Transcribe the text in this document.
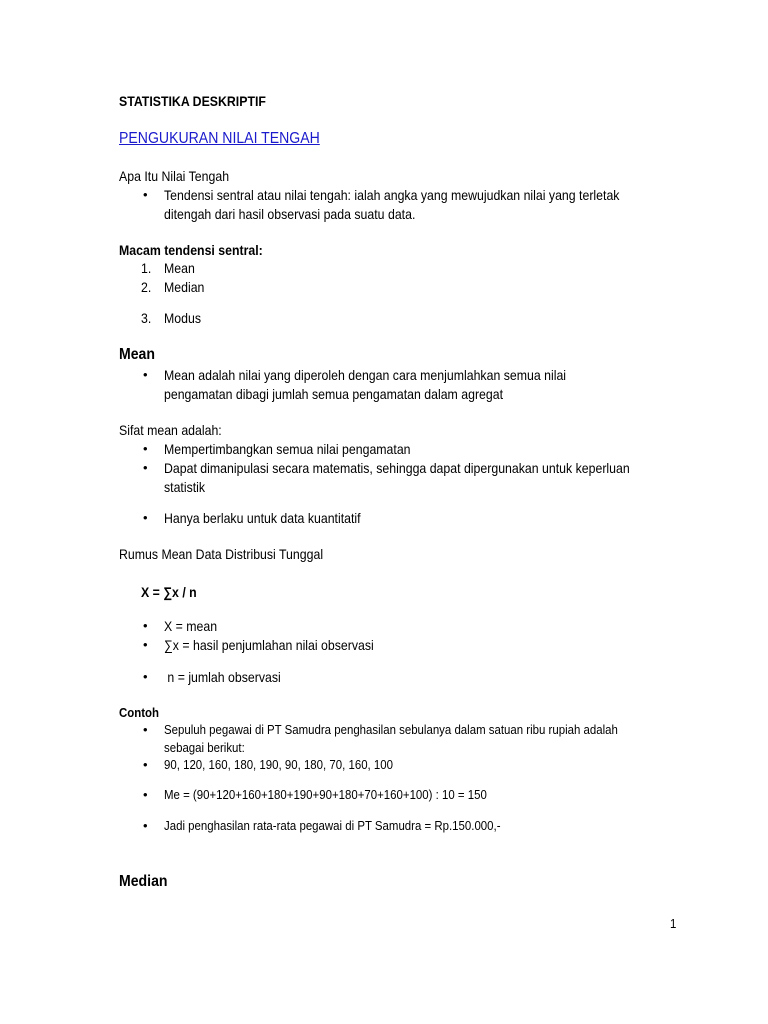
STATISTIKA DESKRIPTIF
PENGUKURAN NILAI TENGAH
Apa Itu Nilai Tengah
• Tendensi sentral atau nilai tengah: ialah angka yang mewujudkan nilai yang terletak
ditengah dari hasil observasi pada suatu data.
Macam tendensi sentral:
1. Mean
2. Median
3. Modus
Mean
• Mean adalah nilai yang diperoleh dengan cara menjumlahkan semua nilai
pengamatan dibagi jumlah semua pengamatan dalam agregat
Sifat mean adalah:
• Mempertimbangkan semua nilai pengamatan
• Dapat dimanipulasi secara matematis, sehingga dapat dipergunakan untuk keperluan
statistik
• Hanya berlaku untuk data kuantitatif
Rumus Mean Data Distribusi Tunggal
X = ∑x / n
• X = mean
• ∑x = hasil penjumlahan nilai observasi
• n = jumlah observasi
Contoh
• Sepuluh pegawai di PT Samudra penghasilan sebulanya dalam satuan ribu rupiah adalah
sebagai berikut:
• 90, 120, 160, 180, 190, 90, 180, 70, 160, 100
• Me = (90+120+160+180+190+90+180+70+160+100) : 10 = 150
• Jadi penghasilan rata-rata pegawai di PT Samudra = Rp.150.000,-
Median
1
